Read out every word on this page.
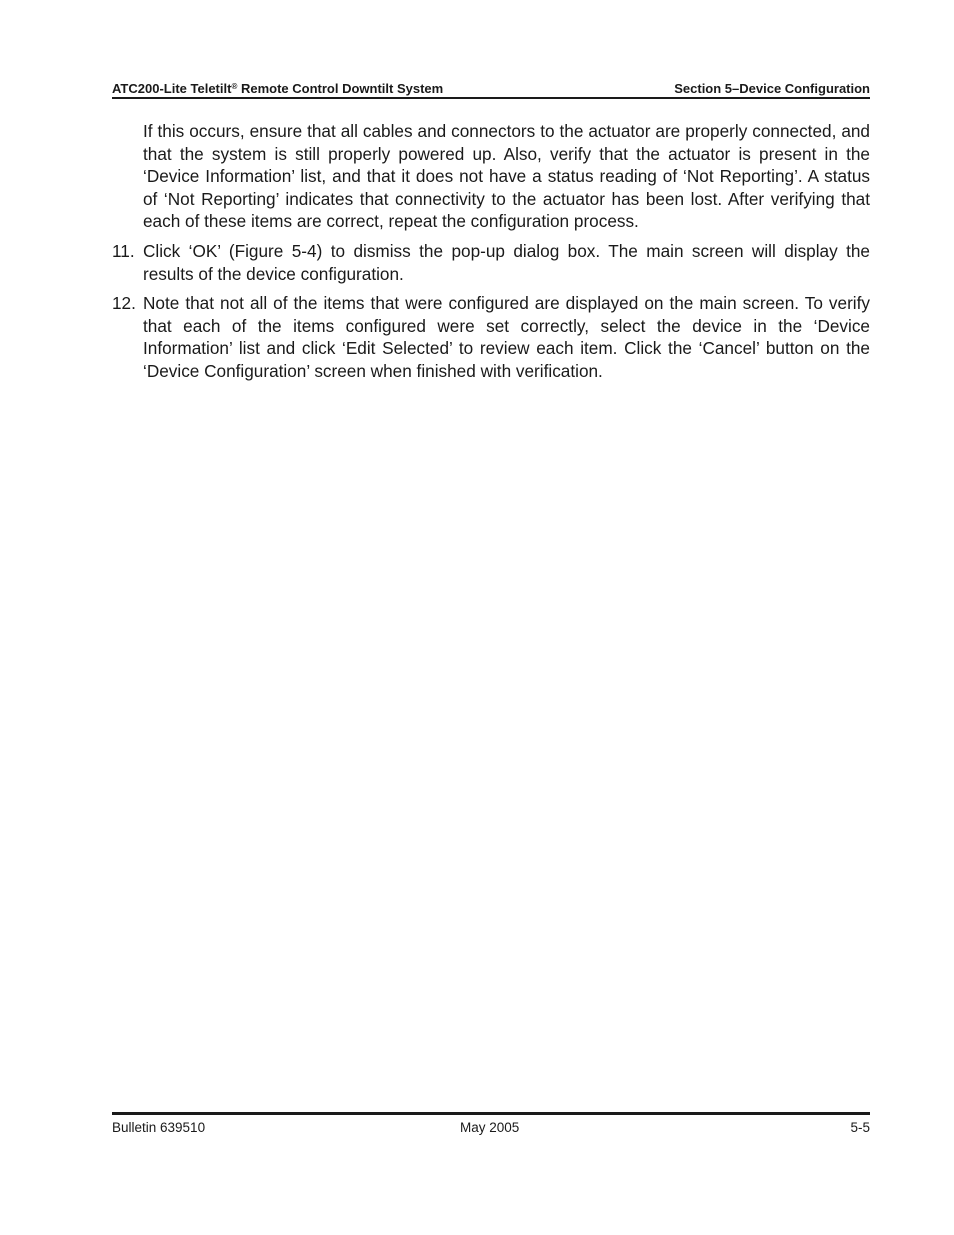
ATC200-Lite Teletilt® Remote Control Downtilt System	Section 5–Device Configuration

If this occurs, ensure that all cables and connectors to the actuator are properly connected, and that the system is still properly powered up. Also, verify that the actuator is present in the ‘Device Information’ list, and that it does not have a status reading of ‘Not Reporting’. A status of ‘Not Reporting’ indicates that connectivity to the actuator has been lost. After verifying that each of these items are correct, repeat the configuration process.

11. Click ‘OK’ (Figure 5-4) to dismiss the pop-up dialog box. The main screen will display the results of the device configuration.
12. Note that not all of the items that were configured are displayed on the main screen. To verify that each of the items configured were set correctly, select the device in the ‘Device Information’ list and click ‘Edit Selected’ to review each item. Click the ‘Cancel’ button on the ‘Device Configuration’ screen when finished with verification.
Bulletin 639510	May 2005	5-5
